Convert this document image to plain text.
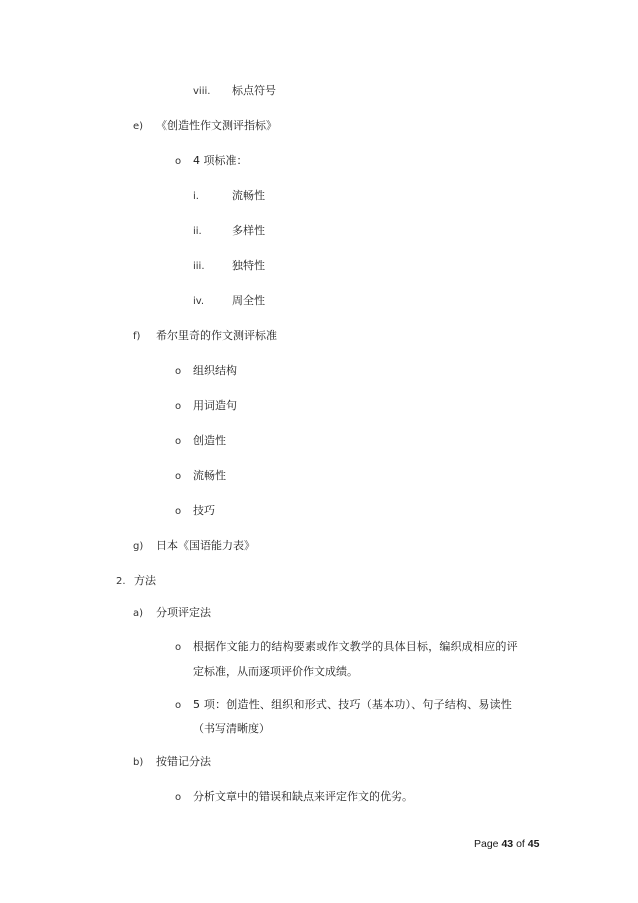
viii. 标点符号
e) 《创造性作文测评指标》
o 4 项标准：
i.	流畅性
ii.	多样性
iii. 独特性
iv.	周全性
f) 希尔里奇的作文测评标准
o 组织结构
o 用词造句
o 创造性
o 流畅性
o 技巧
g) 日本《国语能力表》
2. 方法
a) 分项评定法
o 根据作文能力的结构要素或作文教学的具体目标，编织成相应的评
定标准，从而逐项评价作文成绩。
o 5 项：创造性、组织和形式、技巧（基本功）、句子结构、易读性
（书写清晰度）
b) 按错记分法
o 分析文章中的错误和缺点来评定作文的优劣。
Page 43 of 45
